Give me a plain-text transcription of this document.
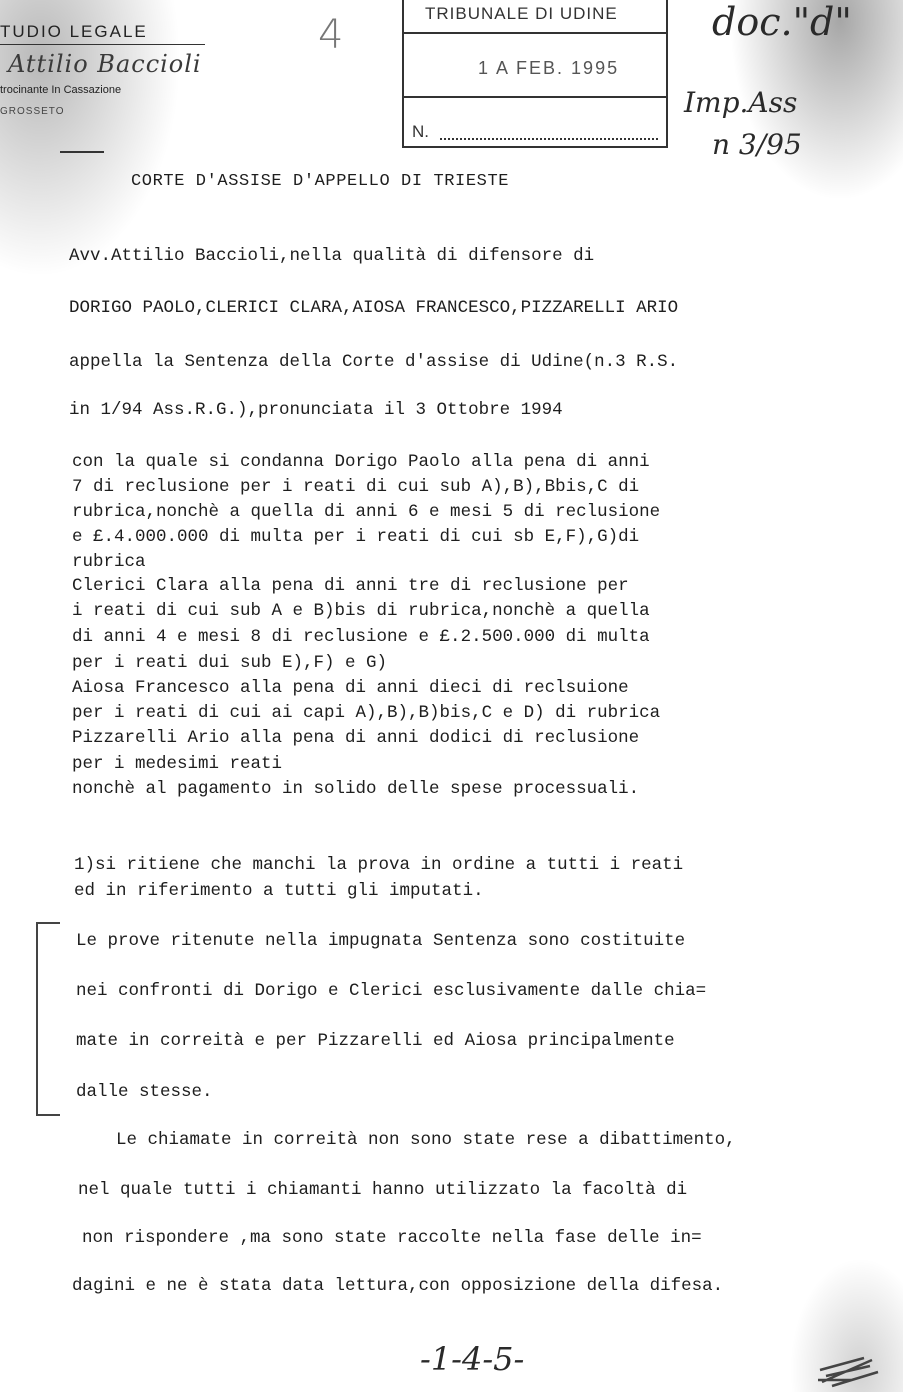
TUDIO LEGALE
Attilio Baccioli
trocinante In Cassazione
GROSSETO
4	doc."d"
Imp.Ass
n 3/95
TRIBUNALE DI UDINE
1 A FEB. 1995
N.
CORTE D'ASSISE D'APPELLO DI TRIESTE
Avv.Attilio Baccioli,nella qualità di difensore di
DORIGO PAOLO,CLERICI CLARA,AIOSA FRANCESCO,PIZZARELLI ARIO
appella la Sentenza della Corte d'assise di Udine(n.3 R.S.
in 1/94 Ass.R.G.),pronunciata il 3 Ottobre 1994
con la quale si condanna Dorigo Paolo alla pena di anni
7 di reclusione per i reati di cui sub A),B),Bbis,C di
rubrica,nonchè a quella di anni 6 e mesi 5 di reclusione
e £.4.000.000 di multa per i reati di cui sb E,F),G)di
rubrica
Clerici Clara alla pena di anni tre di reclusione per
i reati di cui sub A e B)bis di rubrica,nonchè a quella
di anni 4 e mesi 8 di reclusione e £.2.500.000 di multa
per i reati dui sub E),F) e G)
Aiosa Francesco alla pena di anni dieci di reclsuione
per i reati di cui ai capi A),B),B)bis,C e D) di rubrica
Pizzarelli Ario alla pena di anni dodici di reclusione
per i medesimi reati
nonchè al pagamento in solido delle spese processuali.
1)si ritiene che manchi la prova in ordine a tutti i reati
ed in riferimento a tutti gli imputati.
Le prove ritenute nella impugnata Sentenza sono costituite
nei confronti di Dorigo e Clerici esclusivamente dalle chia=
mate in correità e per Pizzarelli ed Aiosa principalmente
dalle stesse.
Le chiamate in correità non sono state rese a dibattimento,
nel quale tutti i chiamanti hanno utilizzato la facoltà di
non rispondere ,ma sono state raccolte nella fase delle in=
dagini e ne è stata data lettura,con opposizione della difesa.
-1-4-5-
